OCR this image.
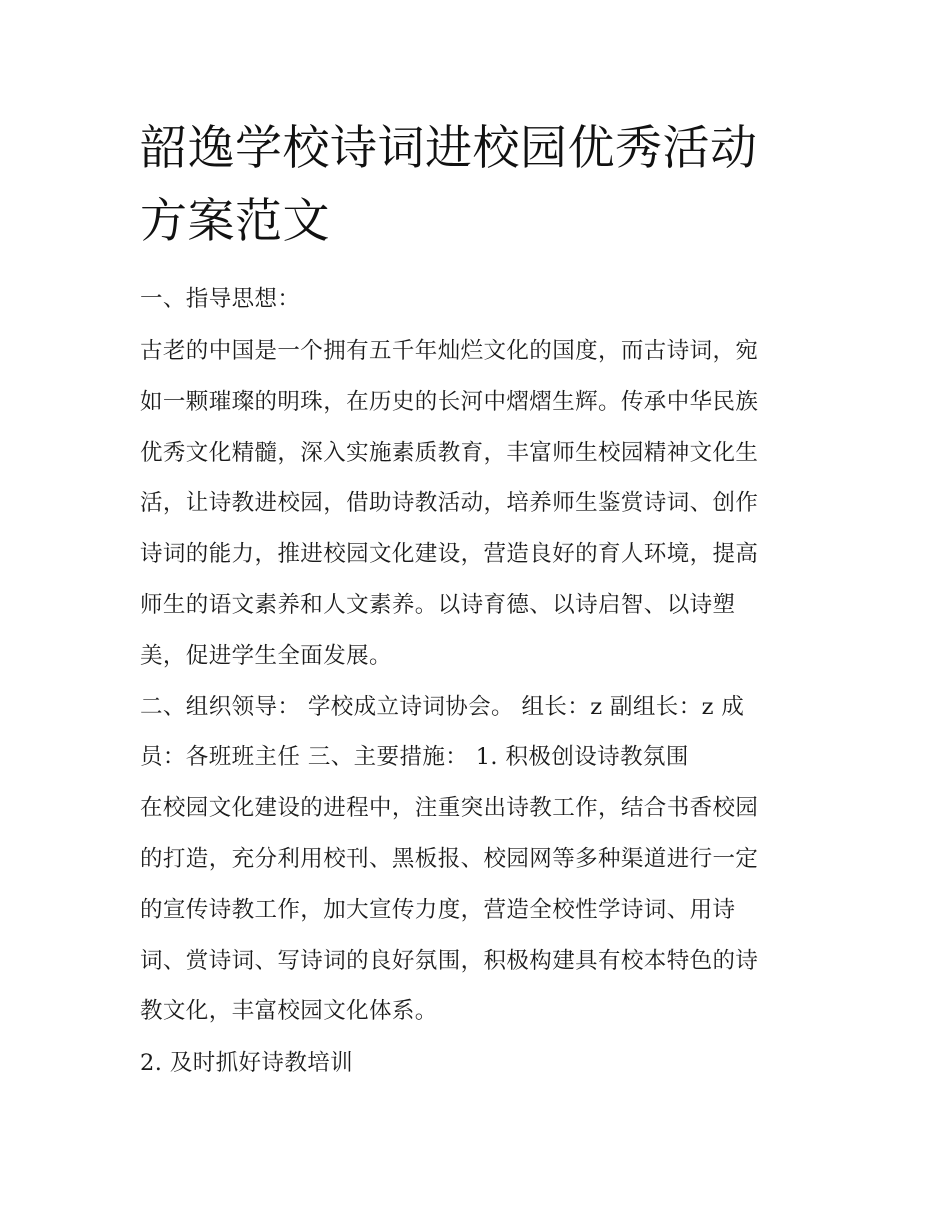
韶逸学校诗词进校园优秀活动
方案范文
一、指导思想：
古老的中国是一个拥有五千年灿烂文化的国度，而古诗词，宛
如一颗璀璨的明珠，在历史的长河中熠熠生辉。传承中华民族
优秀文化精髓，深入实施素质教育，丰富师生校园精神文化生
活，让诗教进校园，借助诗教活动，培养师生鉴赏诗词、创作
诗词的能力，推进校园文化建设，营造良好的育人环境，提高
师生的语文素养和人文素养。以诗育德、以诗启智、以诗塑
美，促进学生全面发展。
二、组织领导： 学校成立诗词协会。 组长：z 副组长：z 成
员：各班班主任 三、主要措施： 1. 积极创设诗教氛围
在校园文化建设的进程中，注重突出诗教工作，结合书香校园
的打造，充分利用校刊、黑板报、校园网等多种渠道进行一定
的宣传诗教工作，加大宣传力度，营造全校性学诗词、用诗
词、赏诗词、写诗词的良好氛围，积极构建具有校本特色的诗
教文化，丰富校园文化体系。
2. 及时抓好诗教培训
